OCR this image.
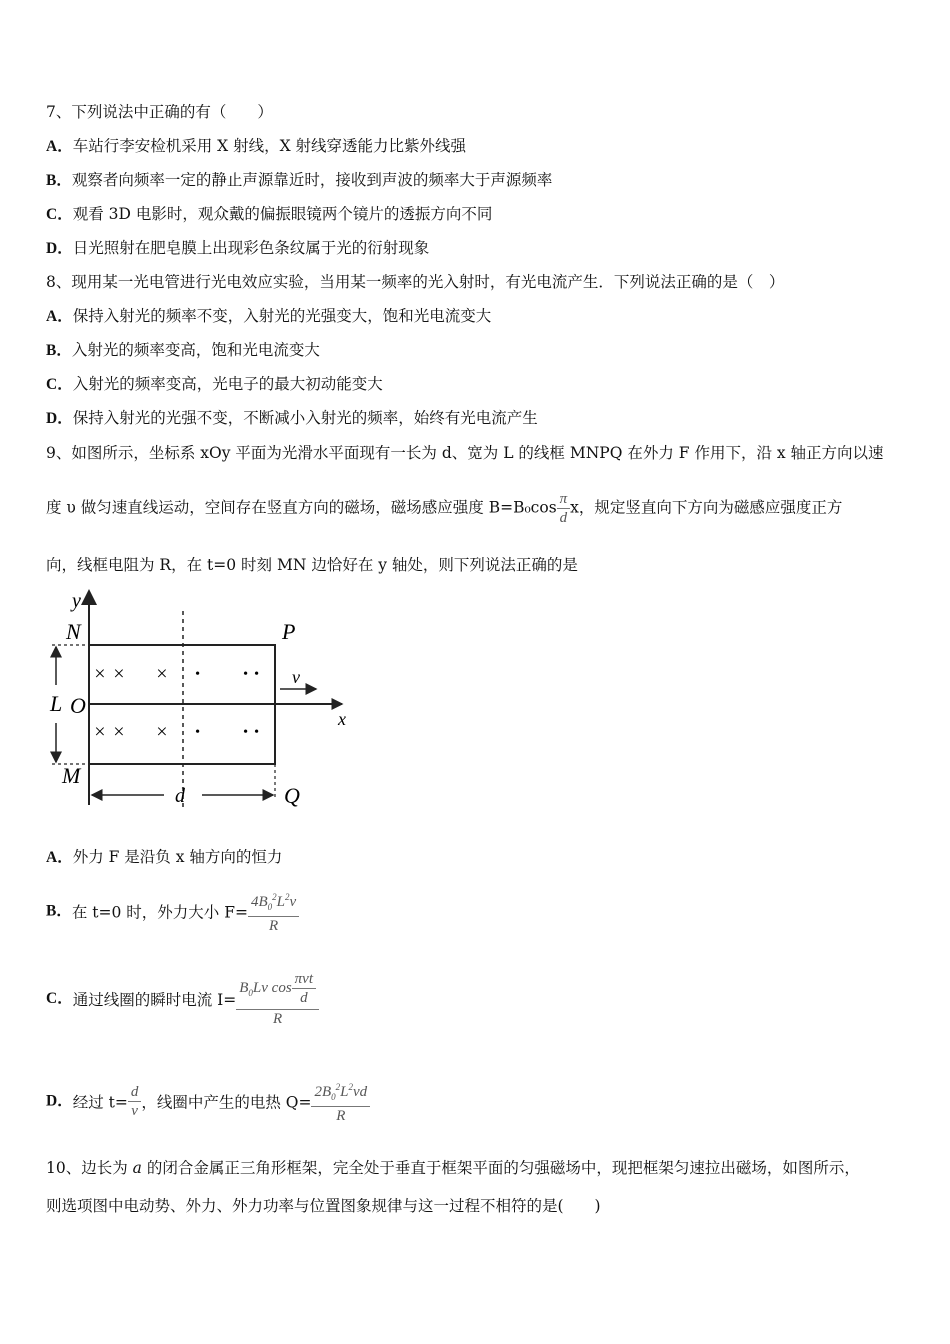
7、下列说法中正确的有（　　）
A．车站行李安检机采用 X 射线，X 射线穿透能力比紫外线强
B．观察者向频率一定的静止声源靠近时，接收到声波的频率大于声源频率
C．观看 3D 电影时，观众戴的偏振眼镜两个镜片的透振方向不同
D．日光照射在肥皂膜上出现彩色条纹属于光的衍射现象
8、现用某一光电管进行光电效应实验，当用某一频率的光入射时，有光电流产生．下列说法正确的是（　）
A．保持入射光的频率不变，入射光的光强变大，饱和光电流变大
B．入射光的频率变高，饱和光电流变大
C．入射光的频率变高，光电子的最大初动能变大
D．保持入射光的光强不变，不断减小入射光的频率，始终有光电流产生
9、如图所示，坐标系 xOy 平面为光滑水平面现有一长为 d、宽为 L 的线框 MNPQ 在外力 F 作用下，沿 x 轴正方向以速
度 υ 做匀速直线运动，空间存在竖直方向的磁场，磁场感应强度 $B=B_0\cos \frac{\pi}{d}$ x，规定竖直向下方向为磁感应强度正方
向，线框电阻为 R，在 t=0 时刻 MN 边恰好在 y 轴处，则下列说法正确的是
× × × •	• •
× × × •	• •
y
N	P
L O
v
x
M
d	Q
A．外力 F 是沿负 x 轴方向的恒力
B．在 t=0 时，外力大小 $F= \frac{4B_0^2L^2v}{R}$
C．通过线圈的瞬时电流 $I= \frac{B_0Lv \cos \frac{\text{πvt}}{d}}{R}$
D．经过 $t= \frac{d}{v}$ ，线圈中产生的电热 $Q= \frac{2B_0^2L^2vd}{R}$
10、边长为 a 的闭合金属正三角形框架，完全处于垂直于框架平面的匀强磁场中，现把框架匀速拉出磁场，如图所示，
则选项图中电动势、外力、外力功率与位置图象规律与这一过程不相符的是(　　)
